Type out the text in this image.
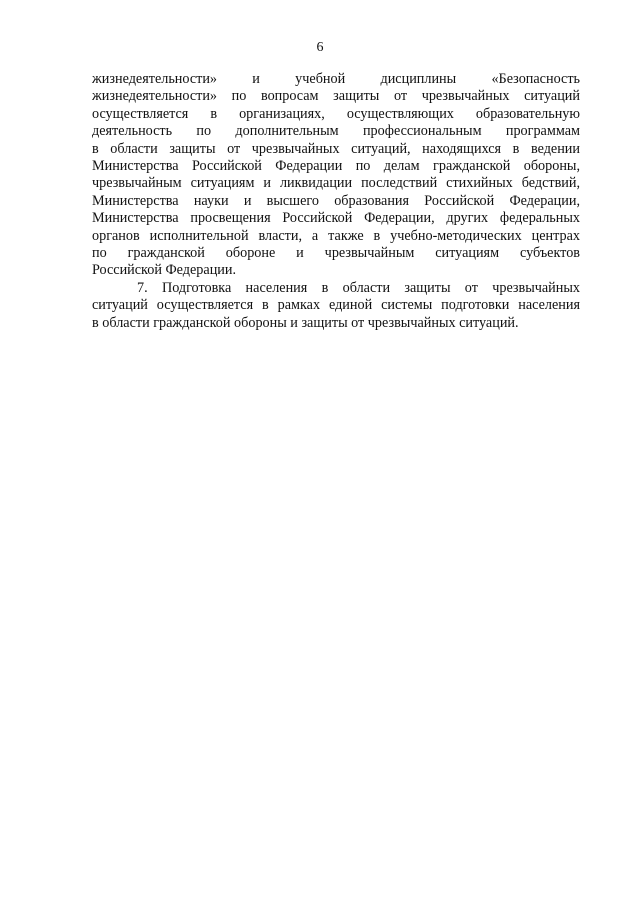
6
жизнедеятельности» и учебной дисциплины «Безопасность
жизнедеятельности» по вопросам защиты от чрезвычайных ситуаций
осуществляется в организациях, осуществляющих образовательную
деятельность по дополнительным профессиональным программам
в области защиты от чрезвычайных ситуаций, находящихся в ведении
Министерства Российской Федерации по делам гражданской обороны,
чрезвычайным ситуациям и ликвидации последствий стихийных бедствий,
Министерства науки и высшего образования Российской Федерации,
Министерства просвещения Российской Федерации, других федеральных
органов исполнительной власти, а также в учебно-методических центрах
по гражданской обороне и чрезвычайным ситуациям субъектов
Российской Федерации.
7. Подготовка населения в области защиты от чрезвычайных
ситуаций осуществляется в рамках единой системы подготовки населения
в области гражданской обороны и защиты от чрезвычайных ситуаций.
